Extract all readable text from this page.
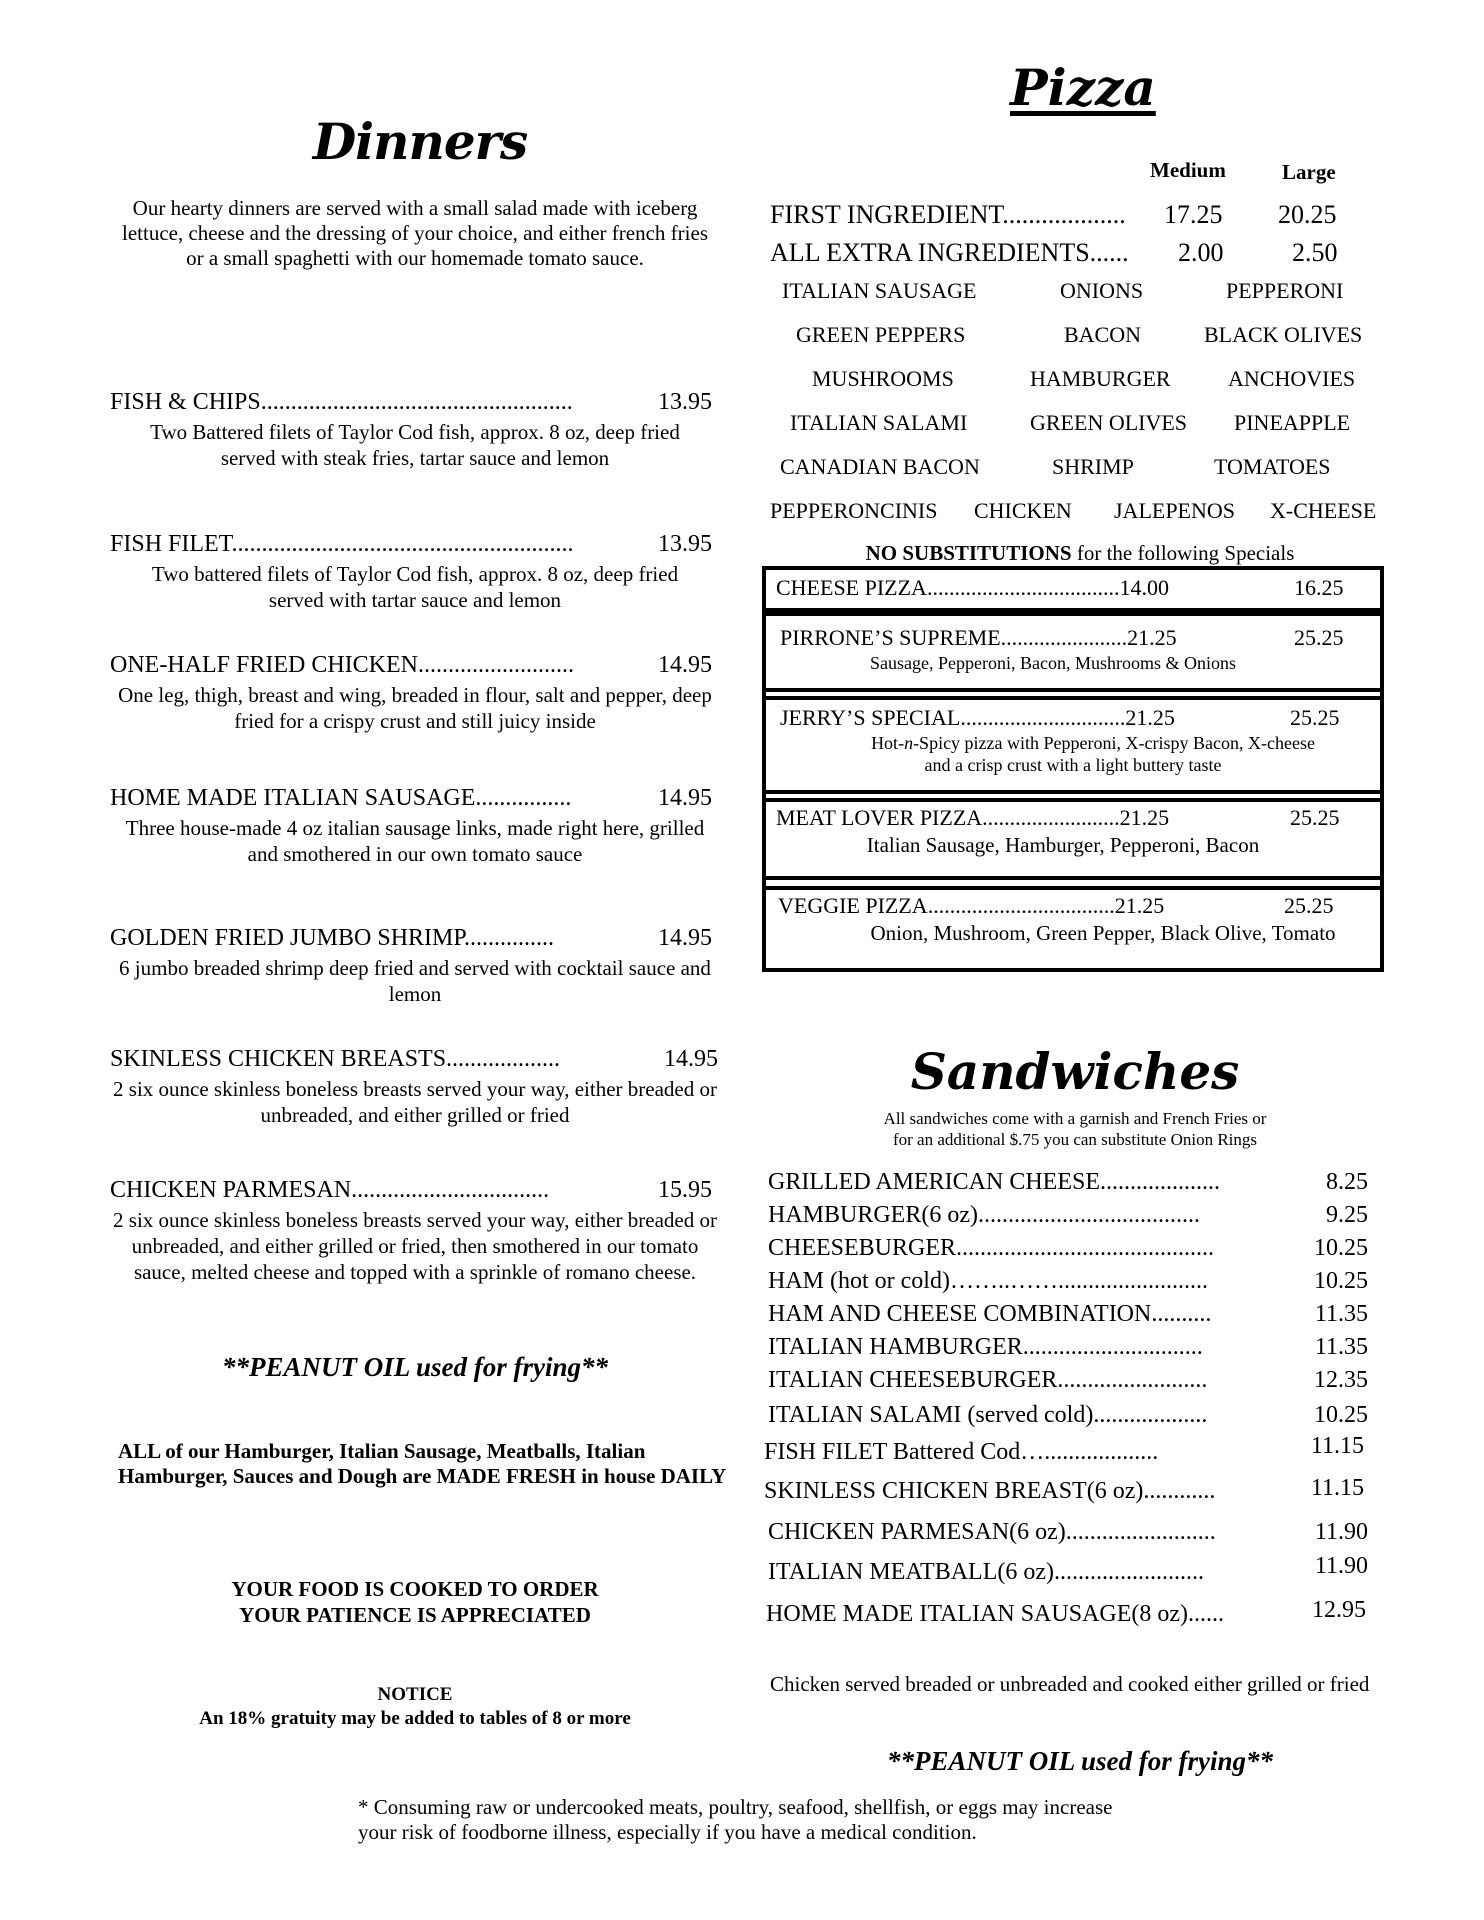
Dinners
Our hearty dinners are served with a small salad made with iceberg lettuce, cheese and the dressing of your choice, and either french fries or a small spaghetti with our homemade tomato sauce.
FISH & CHIPS....................................................	13.95
Two Battered filets of Taylor Cod fish, approx. 8 oz, deep fried served with steak fries, tartar sauce and lemon
FISH FILET.........................................................	13.95
Two battered filets of Taylor Cod fish, approx. 8 oz, deep fried served with tartar sauce and lemon
ONE-HALF FRIED CHICKEN..........................	14.95
One leg, thigh, breast and wing, breaded in flour, salt and pepper, deep fried for a crispy crust and still juicy inside
HOME MADE ITALIAN SAUSAGE................	14.95
Three house-made 4 oz italian sausage links, made right here, grilled and smothered in our own tomato sauce
GOLDEN FRIED JUMBO SHRIMP...............	14.95
6 jumbo breaded shrimp deep fried and served with cocktail sauce and lemon
SKINLESS CHICKEN BREASTS...................	14.95
2 six ounce skinless boneless breasts served your way, either breaded or unbreaded, and either grilled or fried
CHICKEN PARMESAN.................................	15.95
2 six ounce skinless boneless breasts served your way, either breaded or unbreaded, and either grilled or fried, then smothered in our tomato sauce, melted cheese and topped with a sprinkle of romano cheese.
**PEANUT OIL used for frying**
ALL of our Hamburger, Italian Sausage, Meatballs, Italian Hamburger, Sauces and Dough are MADE FRESH in house DAILY
YOUR FOOD IS COOKED TO ORDER
YOUR PATIENCE IS APPRECIATED
NOTICE
An 18% gratuity may be added to tables of 8 or more
Pizza
Medium	Large
FIRST INGREDIENT................... 17.25 20.25
ALL EXTRA INGREDIENTS...... 2.00	2.50
ITALIAN SAUSAGE	ONIONS	PEPPERONI
GREEN PEPPERS	BACON	BLACK OLIVES
MUSHROOMS	HAMBURGER	ANCHOVIES
ITALIAN SALAMI	GREEN OLIVES PINEAPPLE
CANADIAN BACON	SHRIMP	TOMATOES
PEPPERONCINIS CHICKEN JALEPENOS X-CHEESE
NO SUBSTITUTIONS for the following Specials
CHEESE PIZZA...................................14.00	16.25
PIRRONE’S SUPREME.......................21.25	25.25
Sausage, Pepperoni, Bacon, Mushrooms & Onions
JERRY’S SPECIAL..............................21.25	25.25
Hot-n-Spicy pizza with Pepperoni, X-crispy Bacon, X-cheese
and a crisp crust with a light buttery taste
MEAT LOVER PIZZA.........................21.25	25.25
Italian Sausage, Hamburger, Pepperoni, Bacon
VEGGIE PIZZA..................................21.25	25.25
Onion, Mushroom, Green Pepper, Black Olive, Tomato
Sandwiches
All sandwiches come with a garnish and French Fries or
for an additional $.75 you can substitute Onion Rings
GRILLED AMERICAN CHEESE....................	8.25
HAMBURGER(6 oz).....................................	9.25
CHEESEBURGER...........................................	10.25
HAM (hot or cold)……..…….........................	10.25
HAM AND CHEESE COMBINATION..........	11.35
ITALIAN HAMBURGER..............................	11.35
ITALIAN CHEESEBURGER.........................	12.35
ITALIAN SALAMI (served cold)...................	10.25
FISH FILET Battered Cod…...................	11.15
SKINLESS CHICKEN BREAST(6 oz)............	11.15
CHICKEN PARMESAN(6 oz).........................	11.90
ITALIAN MEATBALL(6 oz).........................	11.90
HOME MADE ITALIAN SAUSAGE(8 oz)......	12.95
Chicken served breaded or unbreaded and cooked either grilled or fried
**PEANUT OIL used for frying**
* Consuming raw or undercooked meats, poultry, seafood, shellfish, or eggs may increase your risk of foodborne illness, especially if you have a medical condition.
